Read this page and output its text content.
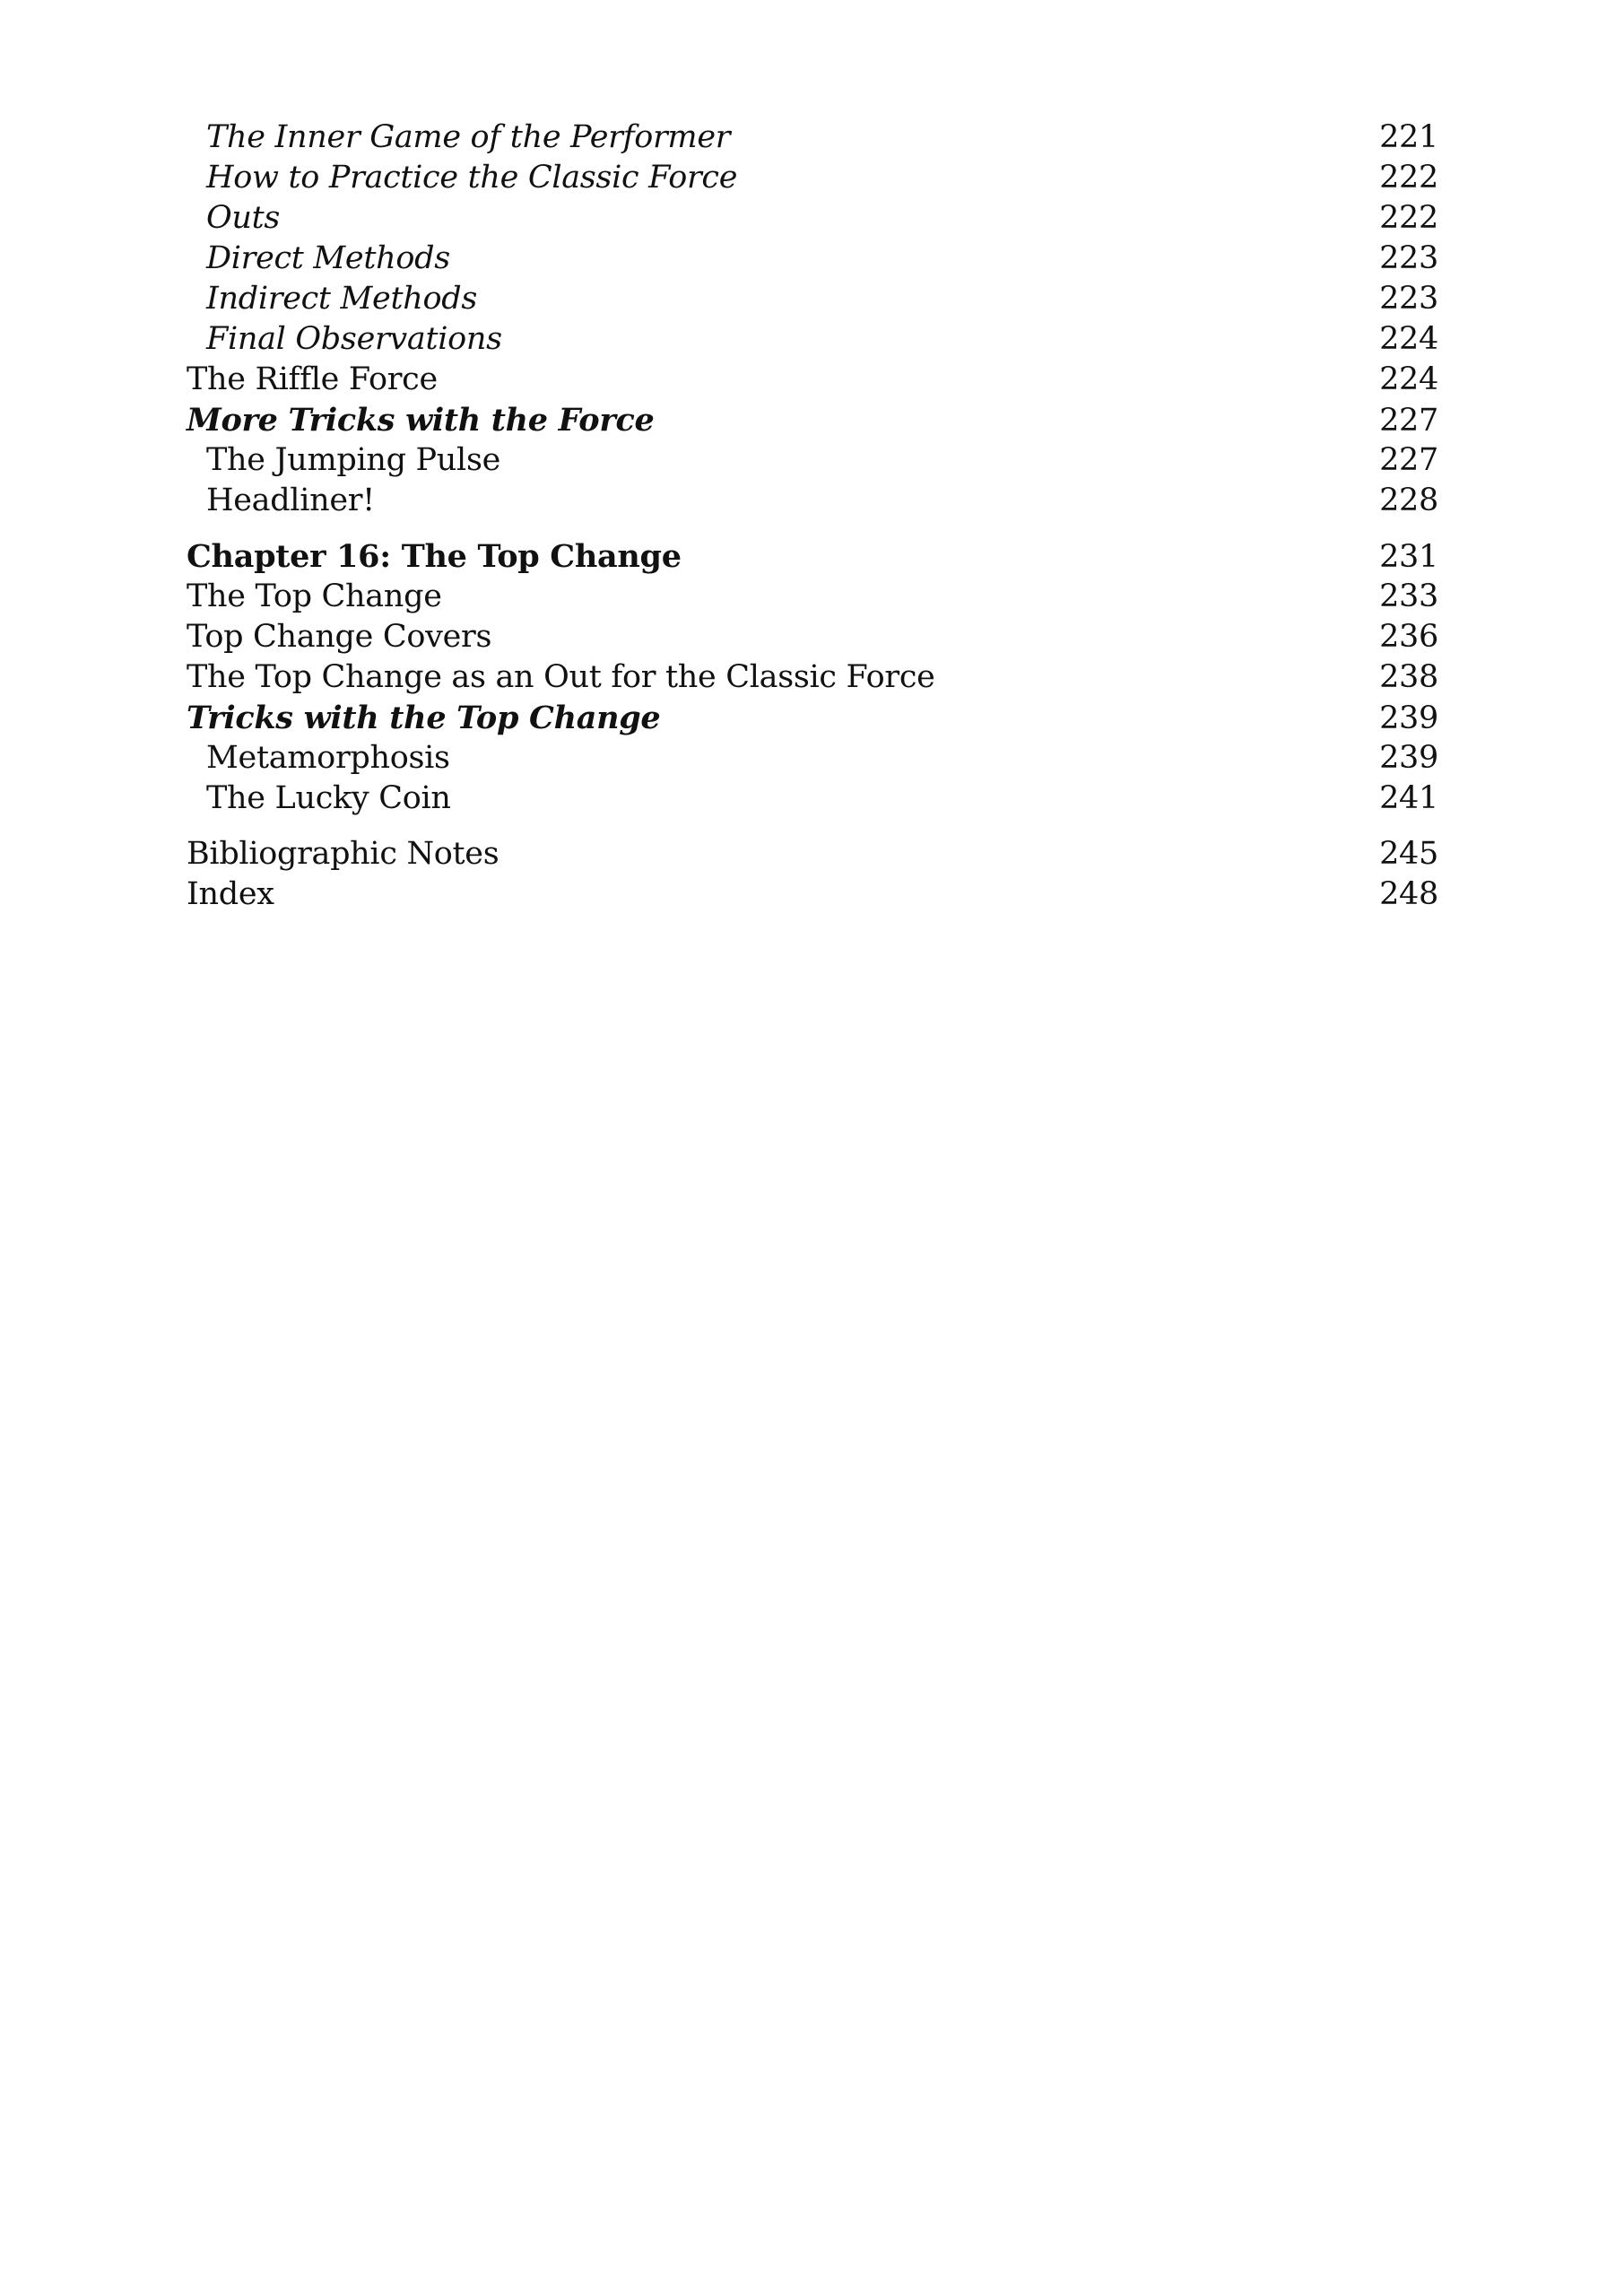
The Inner Game of the Performer	221
How to Practice the Classic Force	222
Outs	222
Direct Methods	223
Indirect Methods	223
Final Observations	224
The Riffle Force	224
More Tricks with the Force	227
The Jumping Pulse	227
Headliner!	228
Chapter 16: The Top Change	231
The Top Change	233
Top Change Covers	236
The Top Change as an Out for the Classic Force	238
Tricks with the Top Change	239
Metamorphosis	239
The Lucky Coin	241
Bibliographic Notes	245
Index	248
